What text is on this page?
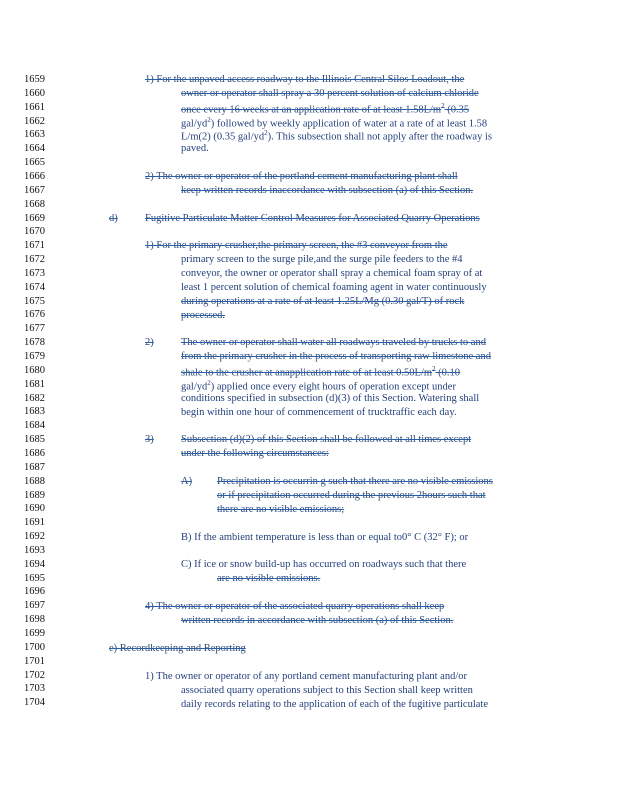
1659
1660
1661
1662
1663
1664
1665
1666
1667
1668
1669
1670
1671
1672
1673
1674
1675
1676
1677
1678
1679
1680
1681
1682
1683
1684
1685
1686
1687
1688
1689
1690
1691
1692
1693
1694
1695
1696
1697
1698
1699
1700
1701
1702
1703
1704
1) For the unpaved access roadway to the Illinois Central Silos Loadout, the
owner or operator shall spray a 30 percent solution of calcium chloride
once every 16 weeks at an application rate of at least $1.58L/m^2$ (0.35
gal/$yd^2$) followed by weekly application of water at a rate of at least 1.58
L/m(2) (0.35 gal/$yd^2$). This subsection shall not apply after the roadway is
paved.
2) The owner or operator of the portland cement manufacturing plant shall
keep written records inaccordance with subsection (a) of this Section.
d)	Fugitive Particulate Matter Control Measures for Associated Quarry Operations
1) For the primary crusher,the primary screen, the #3 conveyor from the
primary screen to the surge pile,and the surge pile feeders to the #4
conveyor, the owner or operator shall spray a chemical foam spray of at
least 1 percent solution of chemical foaming agent in water continuously
during operations at a rate of at least 1.25L/Mg (0.30 gal/T) of rock
processed.
2)	The owner or operator shall water all roadways traveled by trucks to and
from the primary crusher in the process of transporting raw limestone and
shale to the crusher at anapplication rate of at least $0.50L/m^2$ (0.10
gal/$yd^2$) applied once every eight hours of operation except under
conditions specified in subsection (d)(3) of this Section. Watering shall
begin within one hour of commencement of trucktraffic each day.
3)	Subsection (d)(2) of this Section shall be followed at all times except
under the following circumstances:
A) Precipitation is occurrin g such that there are no visible emissions
or if precipitation occurred during the previous 2hours such that
there are no visible emissions;
B) If the ambient temperature is less than or equal to0° C (32° F); or
C) If ice or snow build-up has occurred on roadways such that there
are no visible emissions.
4) The owner or operator of the associated quarry operations shall keep
written records in accordance with subsection (a) of this Section.
e) Recordkeeping and Reporting
1) The owner or operator of any portland cement manufacturing plant and/or
associated quarry operations subject to this Section shall keep written
daily records relating to the application of each of the fugitive particulate
